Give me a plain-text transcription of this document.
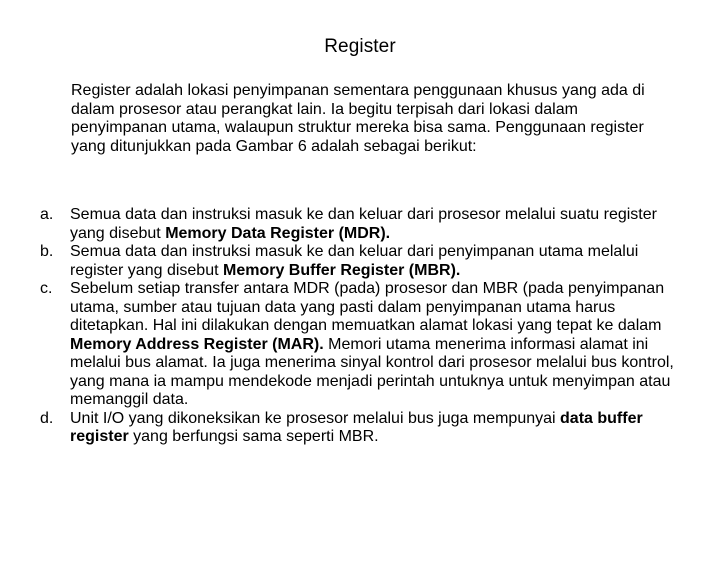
Register

Register adalah lokasi penyimpanan sementara penggunaan khusus yang ada di dalam prosesor atau perangkat lain. Ia begitu terpisah dari lokasi dalam penyimpanan utama, walaupun struktur mereka bisa sama. Penggunaan register yang ditunjukkan pada Gambar 6 adalah sebagai berikut:

a.	Semua data dan instruksi masuk ke dan keluar dari prosesor melalui suatu register yang disebut Memory Data Register (MDR).
b.	Semua data dan instruksi masuk ke dan keluar dari penyimpanan utama melalui register yang disebut Memory Buffer Register (MBR).
c.	Sebelum setiap transfer antara MDR (pada) prosesor dan MBR (pada penyimpanan utama, sumber atau tujuan data yang pasti dalam penyimpanan utama harus ditetapkan. Hal ini dilakukan dengan memuatkan alamat lokasi yang tepat ke dalam Memory Address Register (MAR). Memori utama menerima informasi alamat ini melalui bus alamat. Ia juga menerima sinyal kontrol dari prosesor melalui bus kontrol, yang mana ia mampu mendekode menjadi perintah untuknya untuk menyimpan atau memanggil data.
d.	Unit I/O yang dikoneksikan ke prosesor melalui bus juga mempunyai data buffer register yang berfungsi sama seperti MBR.
